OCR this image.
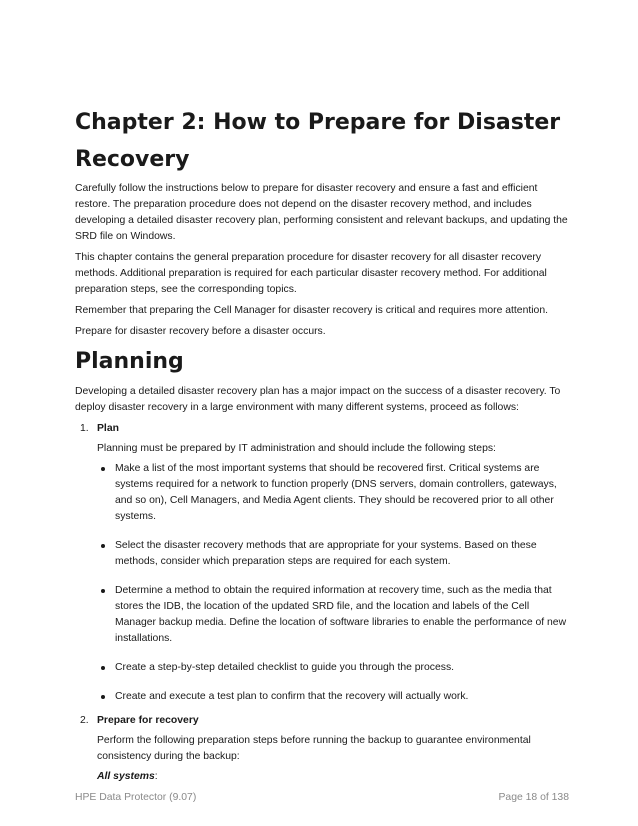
Chapter 2: How to Prepare for Disaster Recovery

Carefully follow the instructions below to prepare for disaster recovery and ensure a fast and efficient restore. The preparation procedure does not depend on the disaster recovery method, and includes developing a detailed disaster recovery plan, performing consistent and relevant backups, and updating the SRD file on Windows.

This chapter contains the general preparation procedure for disaster recovery for all disaster recovery methods. Additional preparation is required for each particular disaster recovery method. For additional preparation steps, see the corresponding topics.

Remember that preparing the Cell Manager for disaster recovery is critical and requires more attention.

Prepare for disaster recovery before a disaster occurs.

Planning

Developing a detailed disaster recovery plan has a major impact on the success of a disaster recovery. To deploy disaster recovery in a large environment with many different systems, proceed as follows:

1. Plan
Planning must be prepared by IT administration and should include the following steps:
Make a list of the most important systems that should be recovered first. Critical systems are systems required for a network to function properly (DNS servers, domain controllers, gateways, and so on), Cell Managers, and Media Agent clients. They should be recovered prior to all other systems.
Select the disaster recovery methods that are appropriate for your systems. Based on these methods, consider which preparation steps are required for each system.
Determine a method to obtain the required information at recovery time, such as the media that stores the IDB, the location of the updated SRD file, and the location and labels of the Cell Manager backup media. Define the location of software libraries to enable the performance of new installations.
Create a step-by-step detailed checklist to guide you through the process.
Create and execute a test plan to confirm that the recovery will actually work.
2. Prepare for recovery
Perform the following preparation steps before running the backup to guarantee environmental consistency during the backup:
All systems:
HPE Data Protector (9.07)	Page 18 of 138
